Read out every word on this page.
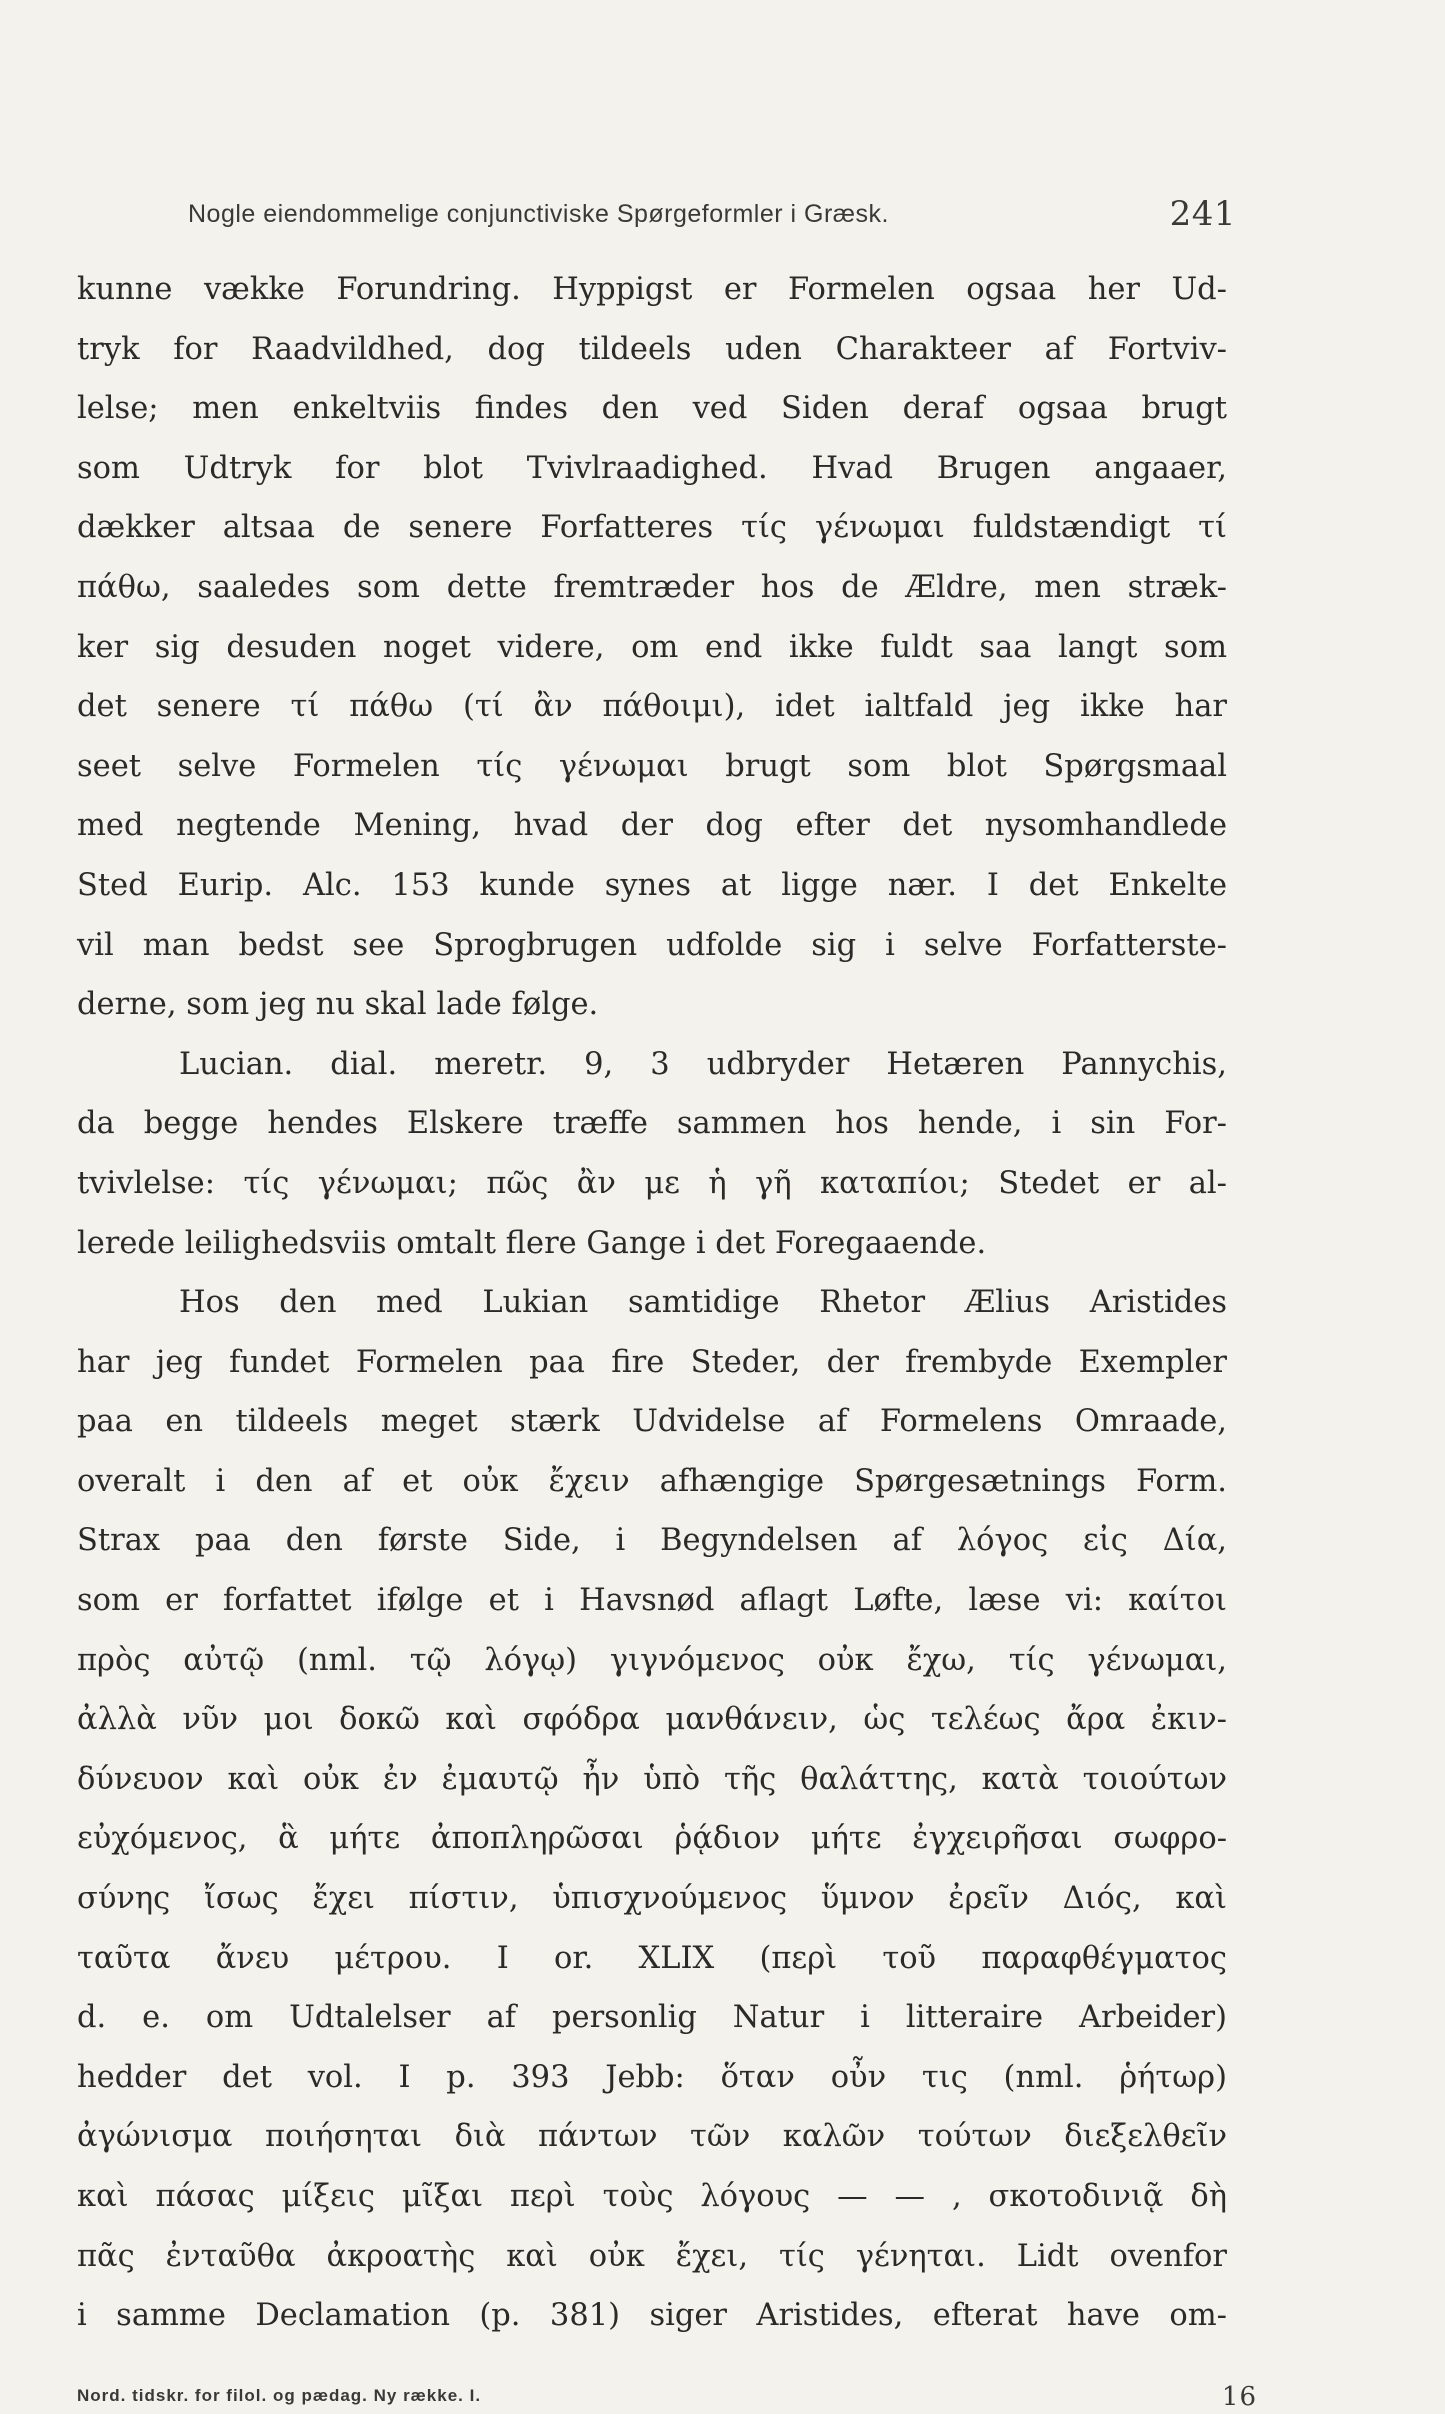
Nogle eiendommelige conjunctiviske Spørgeformler i Græsk.	241
kunne vække Forundring. Hyppigst er Formelen ogsaa her Ud-
tryk for Raadvildhed, dog tildeels uden Charakteer af Fortviv-
lelse; men enkeltviis findes den ved Siden deraf ogsaa brugt
som Udtryk for blot Tvivlraadighed. Hvad Brugen angaaer,
dækker altsaa de senere Forfatteres τίς γένωμαι fuldstændigt τί
πάθω, saaledes som dette fremtræder hos de Ældre, men stræk-
ker sig desuden noget videre, om end ikke fuldt saa langt som
det senere τί πάθω (τί ἂν πάθοιμι), idet ialtfald jeg ikke har
seet selve Formelen τίς γένωμαι brugt som blot Spørgsmaal
med negtende Mening, hvad der dog efter det nysomhandlede
Sted Eurip. Alc. 153 kunde synes at ligge nær. I det Enkelte
vil man bedst see Sprogbrugen udfolde sig i selve Forfatterste-
derne, som jeg nu skal lade følge.
Lucian. dial. meretr. 9, 3 udbryder Hetæren Pannychis,
da begge hendes Elskere træffe sammen hos hende, i sin For-
tvivlelse: τίς γένωμαι; πῶς ἂν με ἡ γῆ καταπίοι; Stedet er al-
lerede leilighedsviis omtalt flere Gange i det Foregaaende.
Hos den med Lukian samtidige Rhetor Ælius Aristides
har jeg fundet Formelen paa fire Steder, der frembyde Exempler
paa en tildeels meget stærk Udvidelse af Formelens Omraade,
overalt i den af et οὐκ ἔχειν afhængige Spørgesætnings Form.
Strax paa den første Side, i Begyndelsen af λόγος εἰς Δία,
som er forfattet ifølge et i Havsnød aflagt Løfte, læse vi: καίτοι
πρὸς αὐτῷ (nml. τῷ λόγῳ) γιγνόμενος οὐκ ἔχω, τίς γένωμαι,
ἀλλὰ νῦν μοι δοκῶ καὶ σφόδρα μανθάνειν, ὡς τελέως ἄρα ἐκιν-
δύνευον καὶ οὐκ ἐν ἐμαυτῷ ἦν ὑπὸ τῆς θαλάττης, κατὰ τοιούτων
εὐχόμενος, ἃ μήτε ἀποπληρῶσαι ῥᾴδιον μήτε ἐγχειρῆσαι σωφρο-
σύνης ἴσως ἔχει πίστιν, ὑπισχνούμενος ὕμνον ἐρεῖν Διός, καὶ
ταῦτα ἄνευ μέτρου. I or. XLIX (περὶ τοῦ παραφθέγματος
d. e. om Udtalelser af personlig Natur i litteraire Arbeider)
hedder det vol. I p. 393 Jebb: ὅταν οὖν τις (nml. ῥήτωρ)
ἀγώνισμα ποιήσηται διὰ πάντων τῶν καλῶν τούτων διεξελθεῖν
καὶ πάσας μίξεις μῖξαι περὶ τοὺς λόγους — — , σκοτοδινιᾷ δὴ
πᾶς ἐνταῦθα ἀκροατὴς καὶ οὐκ ἔχει, τίς γένηται. Lidt ovenfor
i samme Declamation (p. 381) siger Aristides, efterat have om-
Nord. tidskr. for filol. og pædag. Ny række. I.	16
